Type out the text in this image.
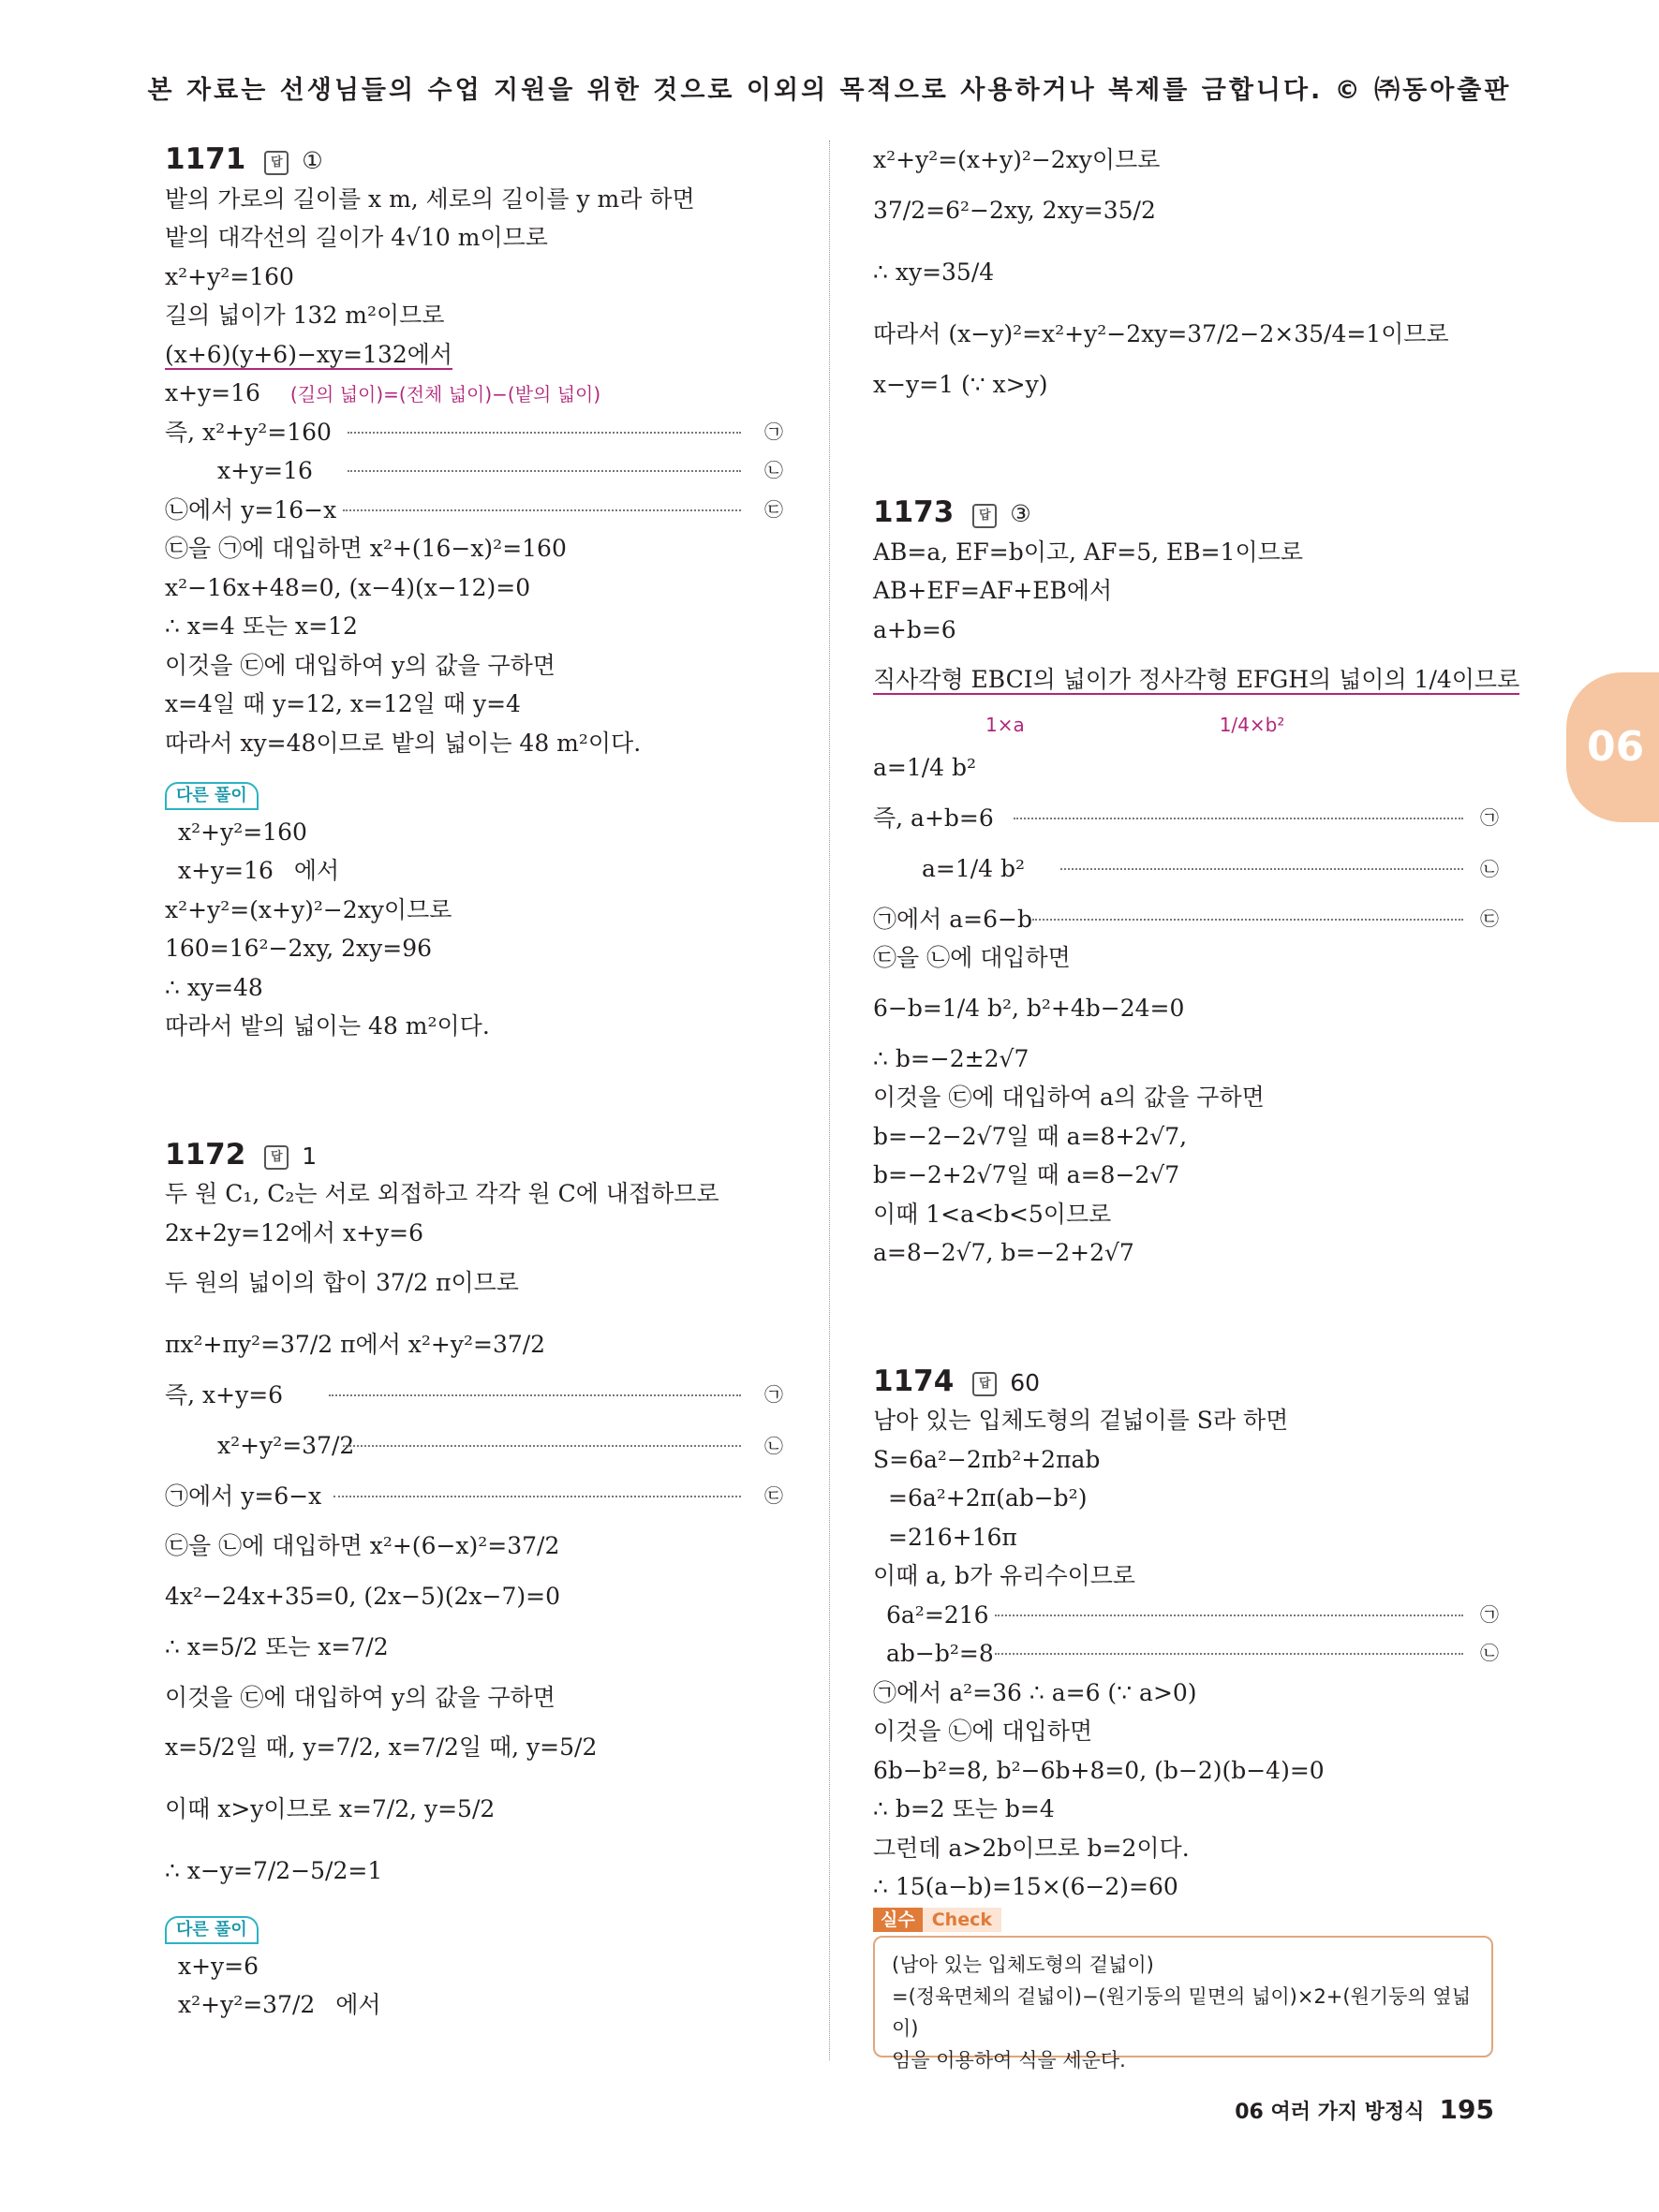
본 자료는 선생님들의 수업 지원을 위한 것으로 이외의 목적으로 사용하거나 복제를 금합니다. © ㈜동아출판
06
1171 답 ①
밭의 가로의 길이를 x m, 세로의 길이를 y m라 하면
밭의 대각선의 길이가 4√10 m이므로
x²+y²=160
길의 넓이가 132 m²이므로
(x+6)(y+6)−xy=132에서
x+y=16 (길의 넓이)=(전체 넓이)−(밭의 넓이)
즉, x²+y²=160	㉠
x+y=16	㉡
㉡에서 y=16−x	㉢
㉢을 ㉠에 대입하면 x²+(16−x)²=160
x²−16x+48=0, (x−4)(x−12)=0
∴ x=4 또는 x=12
이것을 ㉢에 대입하여 y의 값을 구하면
x=4일 때 y=12, x=12일 때 y=4
따라서 xy=48이므로 밭의 넓이는 48 m²이다.
다른 풀이
x²+y²=160
x+y=16 에서
x²+y²=(x+y)²−2xy이므로
160=16²−2xy, 2xy=96
∴ xy=48
따라서 밭의 넓이는 48 m²이다.
1172 답 1
두 원 C₁, C₂는 서로 외접하고 각각 원 C에 내접하므로
2x+2y=12에서 x+y=6
두 원의 넓이의 합이 37/2 π이므로
πx²+πy²=37/2 π에서 x²+y²=37/2
즉, x+y=6	㉠
x²+y²=37/2	㉡
㉠에서 y=6−x	㉢
㉢을 ㉡에 대입하면 x²+(6−x)²=37/2
4x²−24x+35=0, (2x−5)(2x−7)=0
∴ x=5/2 또는 x=7/2
이것을 ㉢에 대입하여 y의 값을 구하면
x=5/2일 때, y=7/2, x=7/2일 때, y=5/2
이때 x>y이므로 x=7/2, y=5/2
∴ x−y=7/2−5/2=1
다른 풀이
x+y=6
x²+y²=37/2 에서
x²+y²=(x+y)²−2xy이므로
37/2=6²−2xy, 2xy=35/2
∴ xy=35/4
따라서 (x−y)²=x²+y²−2xy=37/2−2×35/4=1이므로
x−y=1 (∵ x>y)
1173 답 ③
AB=a, EF=b이고, AF=5, EB=1이므로
AB+EF=AF+EB에서
a+b=6
직사각형 EBCI의 넓이가 정사각형 EFGH의 넓이의 1/4이므로
1×a	1/4×b²
a=1/4 b²
즉, a+b=6	㉠
a=1/4 b²	㉡
㉠에서 a=6−b	㉢
㉢을 ㉡에 대입하면
6−b=1/4 b², b²+4b−24=0
∴ b=−2±2√7
이것을 ㉢에 대입하여 a의 값을 구하면
b=−2−2√7일 때 a=8+2√7,
b=−2+2√7일 때 a=8−2√7
이때 1<a<b<5이므로
a=8−2√7, b=−2+2√7
1174 답 60
남아 있는 입체도형의 겉넓이를 S라 하면
S=6a²−2πb²+2πab
=6a²+2π(ab−b²)
=216+16π
이때 a, b가 유리수이므로
6a²=216	㉠
ab−b²=8	㉡
㉠에서 a²=36 ∴ a=6 (∵ a>0)
이것을 ㉡에 대입하면
6b−b²=8, b²−6b+8=0, (b−2)(b−4)=0
∴ b=2 또는 b=4
그런데 a>2b이므로 b=2이다.
∴ 15(a−b)=15×(6−2)=60
실수 Check
(남아 있는 입체도형의 겉넓이)
=(정육면체의 겉넓이)−(원기둥의 밑면의 넓이)×2+(원기둥의 옆넓이)
임을 이용하여 식을 세운다.
06 여러 가지 방정식 195
